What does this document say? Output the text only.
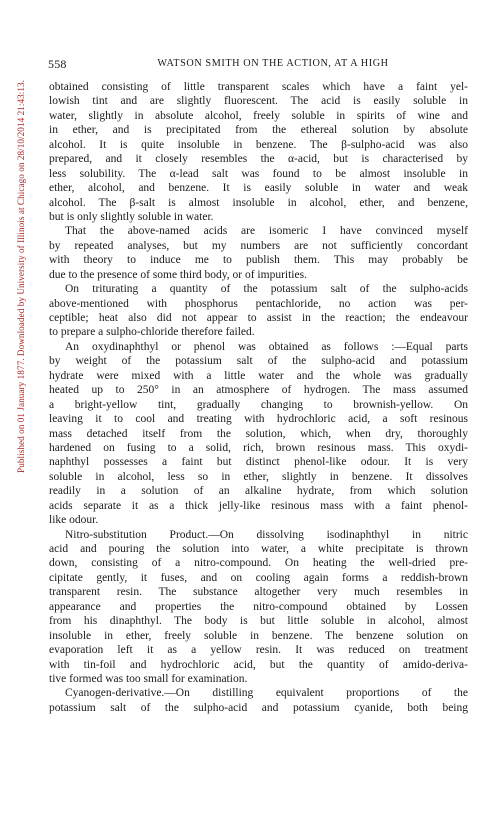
558	WATSON SMITH ON THE ACTION, AT A HIGH
Published on 01 January 1877. Downloaded by University of Illinois at Chicago on 28/10/2014 21:43:13. obtained consisting of little transparent scales which have a faint yel-
lowish tint and are slightly fluorescent. The acid is easily soluble in
water, slightly in absolute alcohol, freely soluble in spirits of wine and
in ether, and is precipitated from the ethereal solution by absolute
alcohol. It is quite insoluble in benzene. The β-sulpho-acid was also
prepared, and it closely resembles the α-acid, but is characterised by
less solubility. The α-lead salt was found to be almost insoluble in
ether, alcohol, and benzene. It is easily soluble in water and weak
alcohol. The β-salt is almost insoluble in alcohol, ether, and benzene,
but is only slightly soluble in water.
That the above-named acids are isomeric I have convinced myself
by repeated analyses, but my numbers are not sufficiently concordant
with theory to induce me to publish them. This may probably be
due to the presence of some third body, or of impurities.
On triturating a quantity of the potassium salt of the sulpho-acids
above-mentioned with phosphorus pentachloride, no action was per-
ceptible; heat also did not appear to assist in the reaction; the endeavour
to prepare a sulpho-chloride therefore failed.
An oxydinaphthyl or phenol was obtained as follows :—Equal parts
by weight of the potassium salt of the sulpho-acid and potassium
hydrate were mixed with a little water and the whole was gradually
heated up to 250° in an atmosphere of hydrogen. The mass assumed
a bright-yellow tint, gradually changing to brownish-yellow. On
leaving it to cool and treating with hydrochloric acid, a soft resinous
mass detached itself from the solution, which, when dry, thoroughly
hardened on fusing to a solid, rich, brown resinous mass. This oxydi-
naphthyl possesses a faint but distinct phenol-like odour. It is very
soluble in alcohol, less so in ether, slightly in benzene. It dissolves
readily in a solution of an alkaline hydrate, from which solution
acids separate it as a thick jelly-like resinous mass with a faint phenol-
like odour.
Nitro-substitution Product.—On dissolving isodinaphthyl in nitric
acid and pouring the solution into water, a white precipitate is thrown
down, consisting of a nitro-compound. On heating the well-dried pre-
cipitate gently, it fuses, and on cooling again forms a reddish-brown
transparent resin. The substance altogether very much resembles in
appearance and properties the nitro-compound obtained by Lossen
from his dinaphthyl. The body is but little soluble in alcohol, almost
insoluble in ether, freely soluble in benzene. The benzene solution on
evaporation left it as a yellow resin. It was reduced on treatment
with tin-foil and hydrochloric acid, but the quantity of amido-deriva-
tive formed was too small for examination.
Cyanogen-derivative.—On distilling equivalent proportions of the
potassium salt of the sulpho-acid and potassium cyanide, both being
